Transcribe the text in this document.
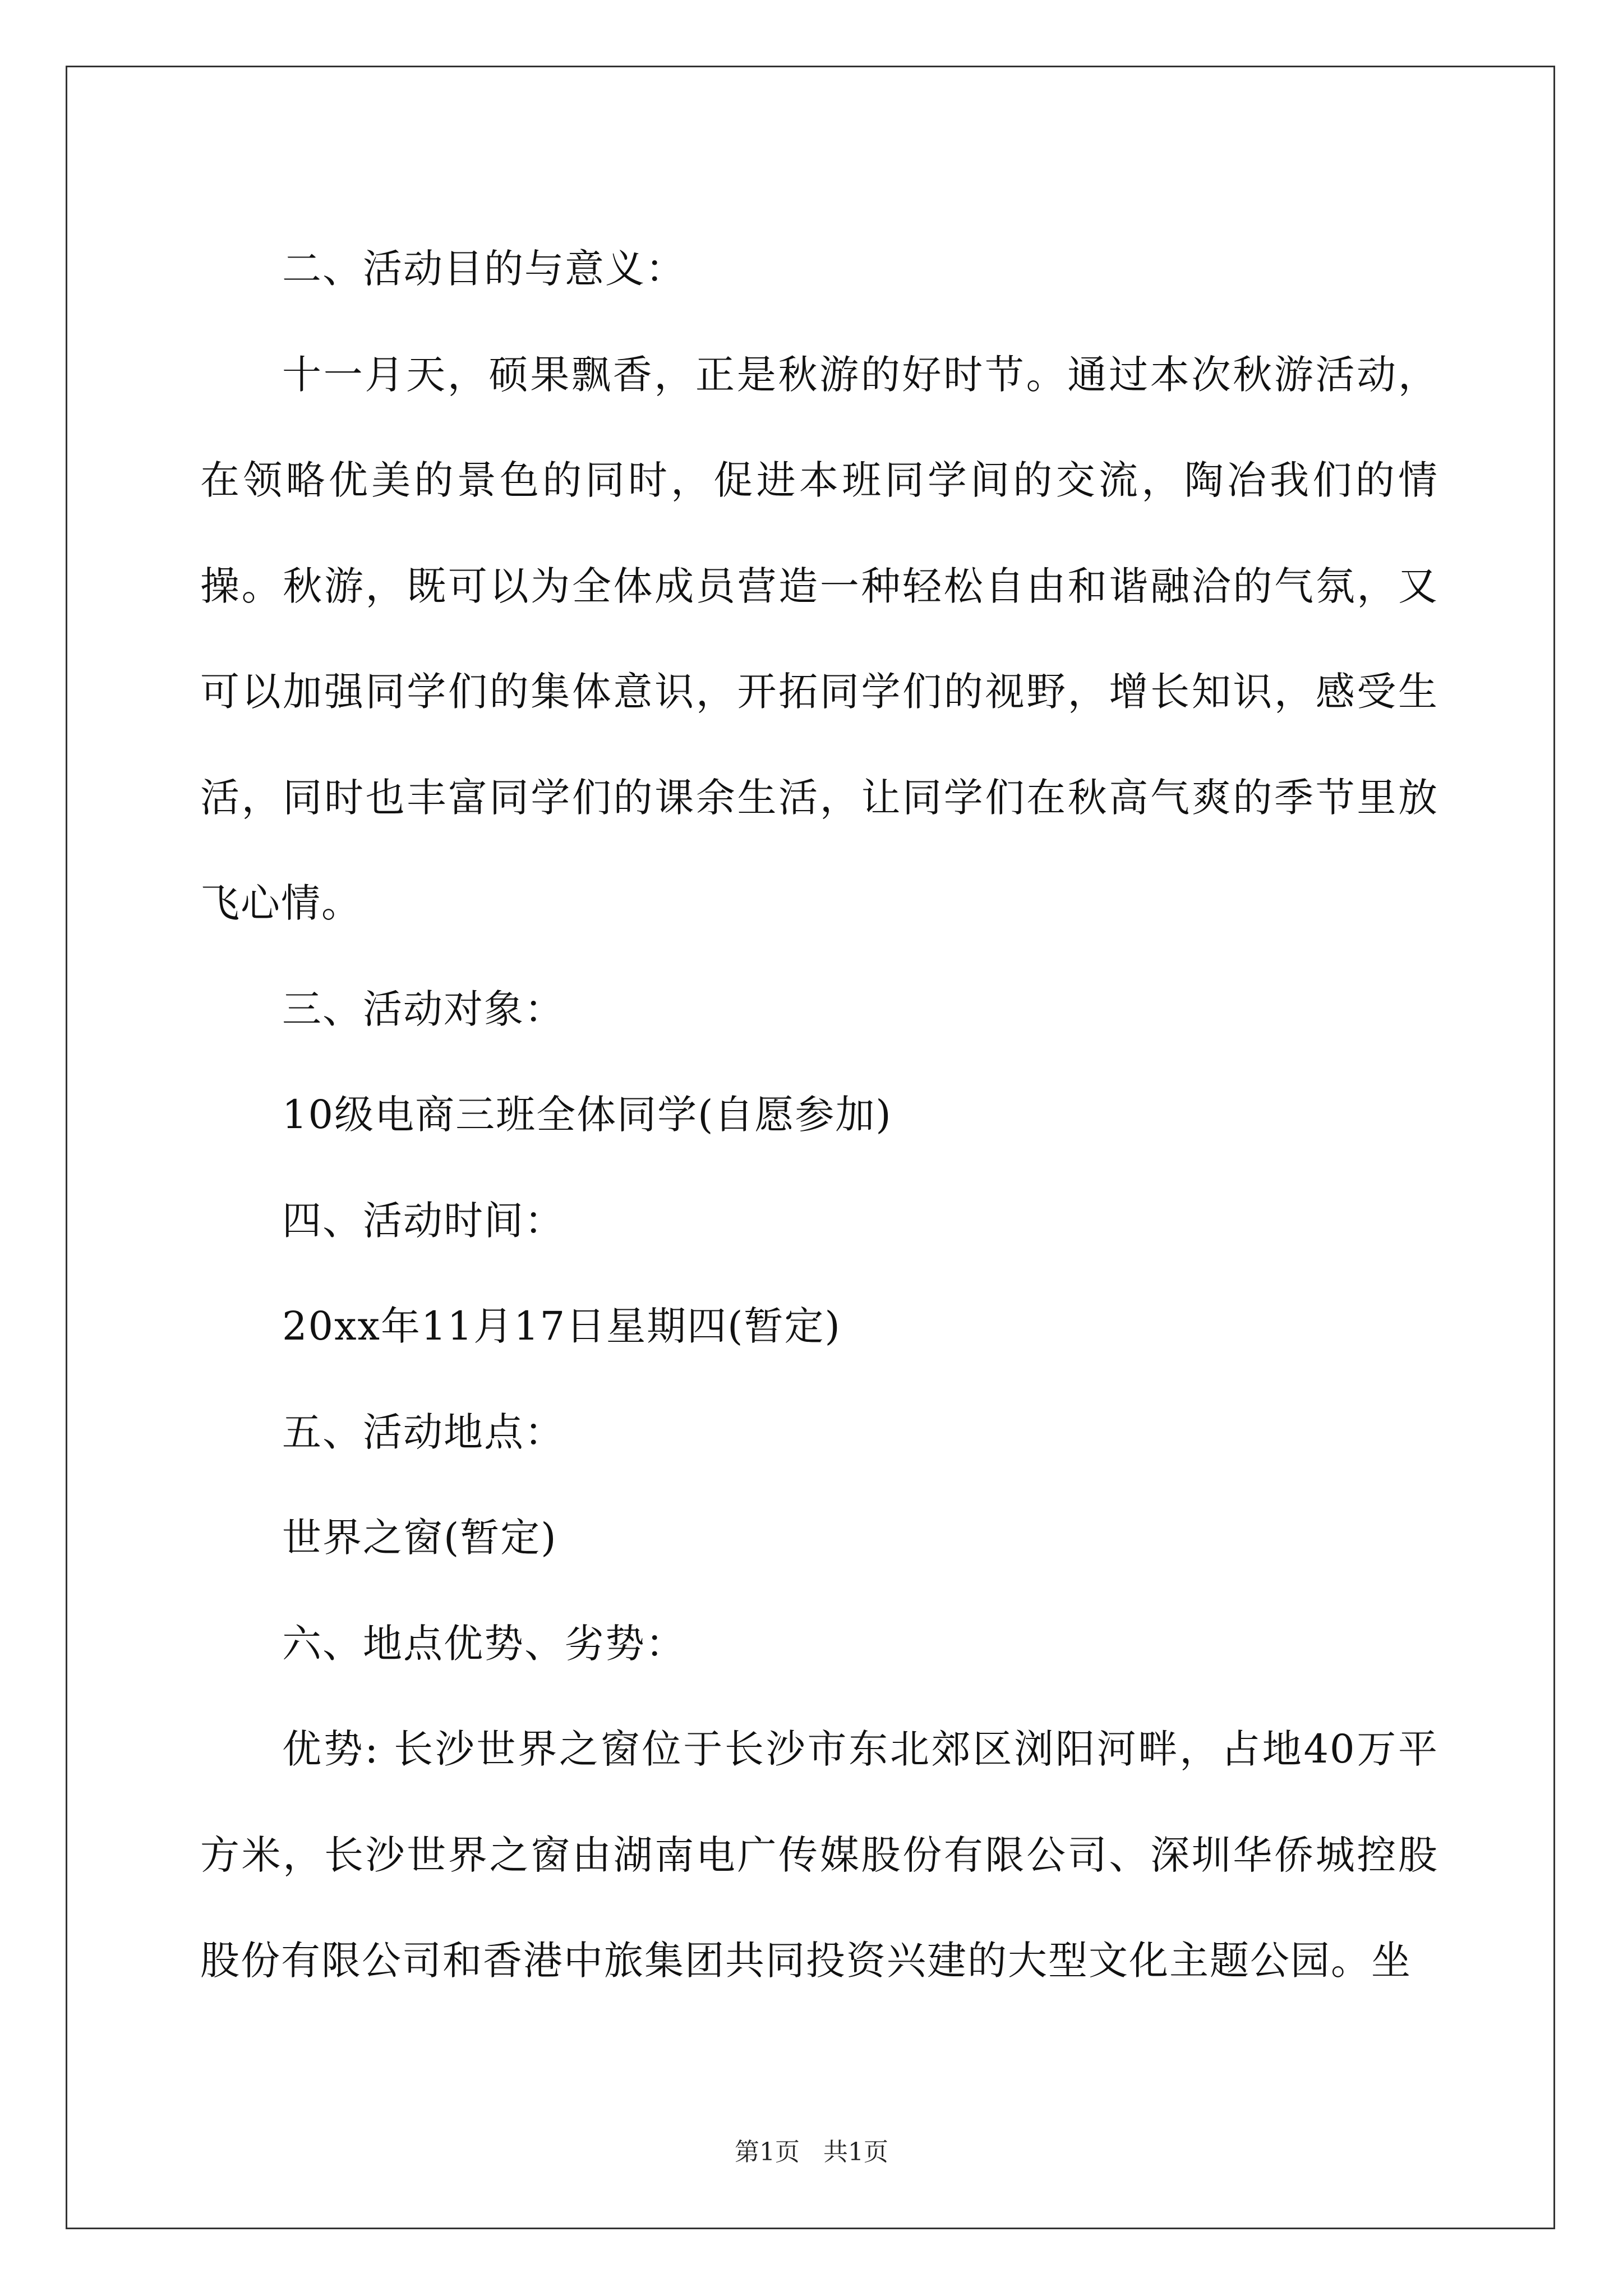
二、活动目的与意义：

十一月天，硕果飘香，正是秋游的好时节。通过本次秋游活动，在领略优美的景色的同时，促进本班同学间的交流，陶冶我们的情操。秋游，既可以为全体成员营造一种轻松自由和谐融洽的气氛，又可以加强同学们的集体意识，开拓同学们的视野，增长知识，感受生活，同时也丰富同学们的课余生活，让同学们在秋高气爽的季节里放飞心情。

三、活动对象：

10级电商三班全体同学(自愿参加)

四、活动时间：

20xx年11月17日星期四(暂定)

五、活动地点：

世界之窗(暂定)

六、地点优势、劣势：

优势: 长沙世界之窗位于长沙市东北郊区浏阳河畔，占地40万平方米，长沙世界之窗由湖南电广传媒股份有限公司、深圳华侨城控股股份有限公司和香港中旅集团共同投资兴建的大型文化主题公园。坐

第1页 共1页
